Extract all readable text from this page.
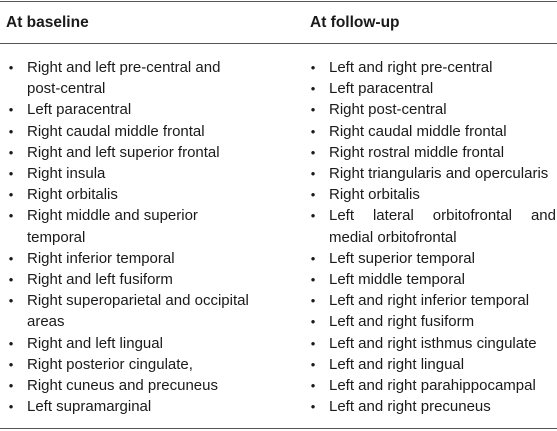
At baseline	At follow-up
• Right and left pre-central and post-central
• Left paracentral
• Right caudal middle frontal
• Right and left superior frontal
• Right insula
• Right orbitalis
• Right middle and superior temporal
• Right inferior temporal
• Right and left fusiform
• Right superoparietal and occipital areas
• Right and left lingual
• Right posterior cingulate,
• Right cuneus and precuneus
• Left supramarginal
• Left and right pre-central
• Left paracentral
• Right post-central
• Right caudal middle frontal
• Right rostral middle frontal
• Right triangularis and opercularis
• Right orbitalis
• Left lateral orbitofrontal and medial orbitofrontal
• Left superior temporal
• Left middle temporal
• Left and right inferior temporal
• Left and right fusiform
• Left and right isthmus cingulate
• Left and right lingual
• Left and right parahippocampal
• Left and right precuneus
